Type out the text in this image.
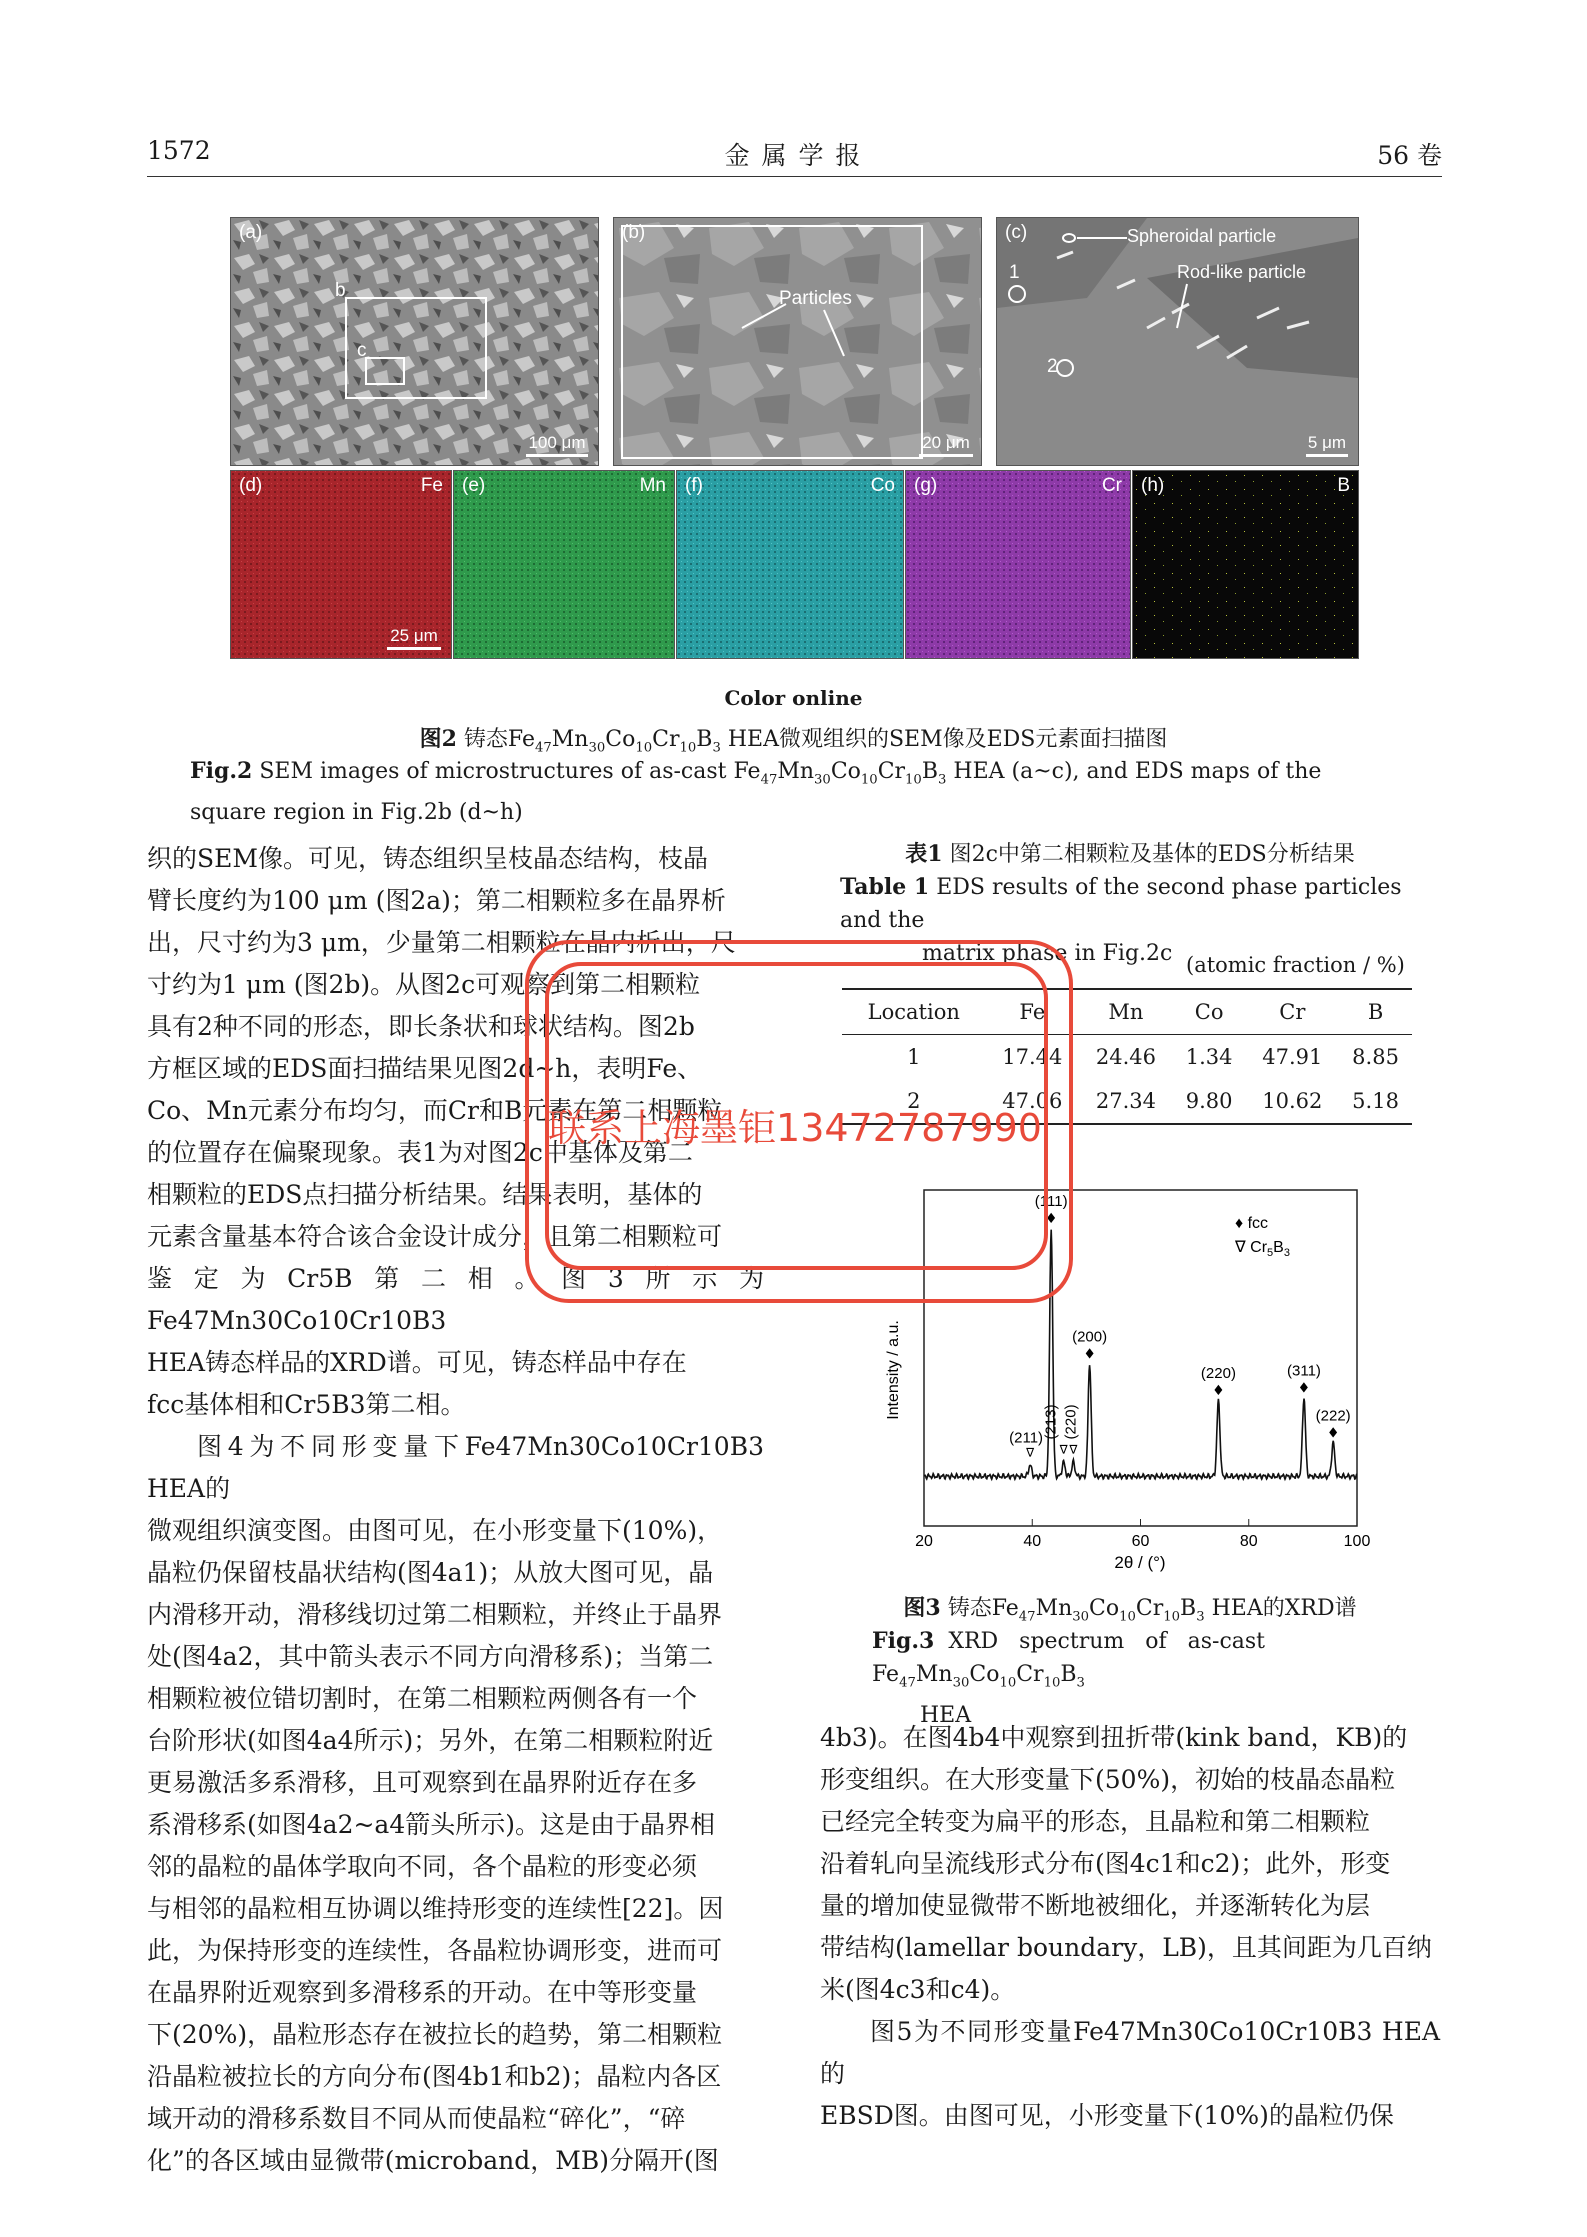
1572	金 属 学 报	56 卷
(a)
b
c
100 μm
(b)
Particles
20 μm
(c)	Spheroidal particle
Rod-like particle
1
2
5 μm
(d)	Fe
25 μm
(e)	Mn (f)	Co (g)	Cr (h)	B
Color online
图2 铸态$Fe_{47}Mn_{30}Co_{10}Cr_{10}B_3$ HEA微观组织的SEM像及EDS元素面扫描图
Fig.2 SEM images of microstructures of as-cast $Fe_{47}Mn_{30}Co_{10}Cr_{10}B_3$ HEA (a~c), and EDS maps of the square region in Fig.2b (d~h)
织的SEM像。可见，铸态组织呈枝晶态结构，枝晶
臂长度约为100 μm (图2a)；第二相颗粒多在晶界析
出，尺寸约为3 μm，少量第二相颗粒在晶内析出，尺
寸约为1 μm (图2b)。从图2c可观察到第二相颗粒
具有2种不同的形态，即长条状和球状结构。图2b
方框区域的EDS面扫描结果见图2d~h，表明Fe、
Co、Mn元素分布均匀，而Cr和B元素在第二相颗粒
的位置存在偏聚现象。表1为对图2c中基体及第二
相颗粒的EDS点扫描分析结果。结果表明，基体的
元素含量基本符合该合金设计成分，且第二相颗粒可
鉴定为Cr5B第二相。图3所示为Fe47Mn30Co10Cr10B3
HEA铸态样品的XRD谱。可见，铸态样品中存在
fcc基体相和Cr5B3第二相。
图4为不同形变量下Fe47Mn30Co10Cr10B3 HEA的
微观组织演变图。由图可见，在小形变量下(10%)，
晶粒仍保留枝晶状结构(图4a1)；从放大图可见，晶
内滑移开动，滑移线切过第二相颗粒，并终止于晶界
处(图4a2，其中箭头表示不同方向滑移系)；当第二
相颗粒被位错切割时，在第二相颗粒两侧各有一个
台阶形状(如图4a4所示)；另外，在第二相颗粒附近
更易激活多系滑移，且可观察到在晶界附近存在多
系滑移系(如图4a2~a4箭头所示)。这是由于晶界相
邻的晶粒的晶体学取向不同，各个晶粒的形变必须
与相邻的晶粒相互协调以维持形变的连续性[22]。因
此，为保持形变的连续性，各晶粒协调形变，进而可
在晶界附近观察到多滑移系的开动。在中等形变量
下(20%)，晶粒形态存在被拉长的趋势，第二相颗粒
沿晶粒被拉长的方向分布(图4b1和b2)；晶粒内各区
域开动的滑移系数目不同从而使晶粒“碎化”，“碎
化”的各区域由显微带(microband，MB)分隔开(图
表1 图2c中第二相颗粒及基体的EDS分析结果
Table 1 EDS results of the second phase particles and the
matrix phase in Fig.2c (atomic fraction / %)
Location	Fe	Mn	Co	Cr	B
1	17.44	24.46	1.34	47.91	8.85
2	47.06	27.34	9.80	10.62	5.18
20	40	60	80	100
♦
(111)
♦
(200)
♦
(220)
♦
(311)
♦
(222)
∇
(211)
∇
(213)
∇
(220)
♦ fcc
∇ $Cr_5B_3$
Intensity / a.u.
2θ / (°)
图3 铸态$Fe_{47}Mn_{30}Co_{10}Cr_{10}B_3$ HEA的XRD谱
Fig.3  XRD   spectrum   of   as-cast   $Fe_{47}Mn_{30}Co_{10}Cr_{10}B_3$
HEA
4b3)。在图4b4中观察到扭折带(kink band，KB)的
形变组织。在大形变量下(50%)，初始的枝晶态晶粒
已经完全转变为扁平的形态，且晶粒和第二相颗粒
沿着轧向呈流线形式分布(图4c1和c2)；此外，形变
量的增加使显微带不断地被细化，并逐渐转化为层
带结构(lamellar boundary，LB)，且其间距为几百纳
米(图4c3和c4)。
图5为不同形变量Fe47Mn30Co10Cr10B3 HEA的
EBSD图。由图可见，小形变量下(10%)的晶粒仍保
联系上海墨钜13472787990
